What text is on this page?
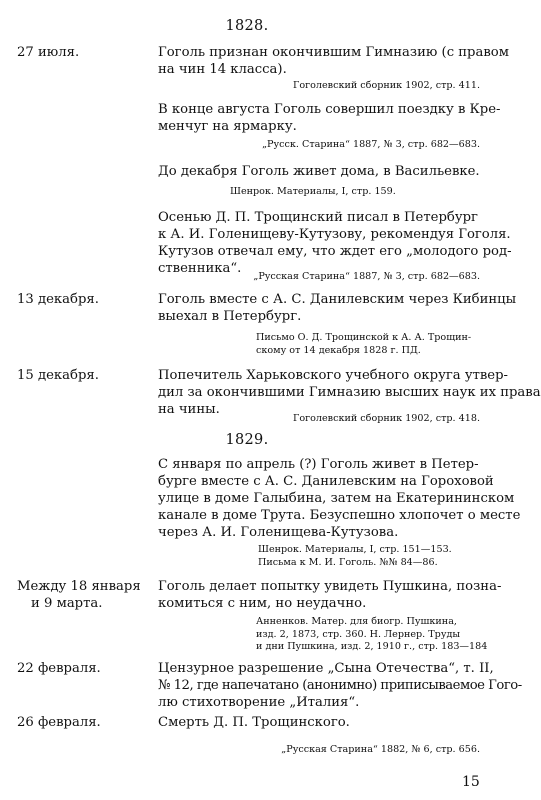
1828.
27 июля.	Гоголь признан окончившим Гимназию (с правом
на чин 14 класса).
Гоголевский сборник 1902, стр. 411.
В конце августа Гоголь совершил поездку в Кре-
менчуг на ярмарку.
„Русск. Старина“ 1887, № 3, стр. 682—683.
До декабря Гоголь живет дома, в Васильевке.
Шенрок. Материалы, I, стр. 159.
Осенью Д. П. Трощинский писал в Петербург
к А. И. Голенищеву-Кутузову, рекомендуя Гоголя.
Кутузов отвечал ему, что ждет его „молодого род-
ственника“.
„Русская Старина“ 1887, № 3, стр. 682—683.
13 декабря.	Гоголь вместе с А. С. Данилевским через Кибинцы
выехал в Петербург.
Письмо О. Д. Трощинской к А. А. Трощин-
скому от 14 декабря 1828 г. ПД.
15 декабря.	Попечитель Харьковского учебного округа утвер-
дил за окончившими Гимназию высших наук их права
на чины.
Гоголевский сборник 1902, стр. 418.
1829.
С января по апрель (?) Гоголь живет в Петер-
бурге вместе с А. С. Данилевским на Гороховой
улице в доме Галыбина, затем на Екатерининском
канале в доме Трута. Безуспешно хлопочет о месте
через А. И. Голенищева-Кутузова.
Шенрок. Материалы, I, стр. 151—153.
Письма к М. И. Гоголь. №№ 84—86.
Между 18 января
и 9 марта.
Гоголь делает попытку увидеть Пушкина, позна-
комиться с ним, но неудачно.
Анненков. Матер. для биогр. Пушкина,
изд. 2, 1873, стр. 360. Н. Лернер. Труды
и дни Пушкина, изд. 2, 1910 г., стр. 183—184
22 февраля.	Цензурное разрешение „Сына Отечества“, т. II,
№ 12, где напечатано (анонимно) приписываемое Гого-
лю стихотворение „Италия“.
26 февраля.	Смерть Д. П. Трощинского.
„Русская Старина“ 1882, № 6, стр. 656.
15
